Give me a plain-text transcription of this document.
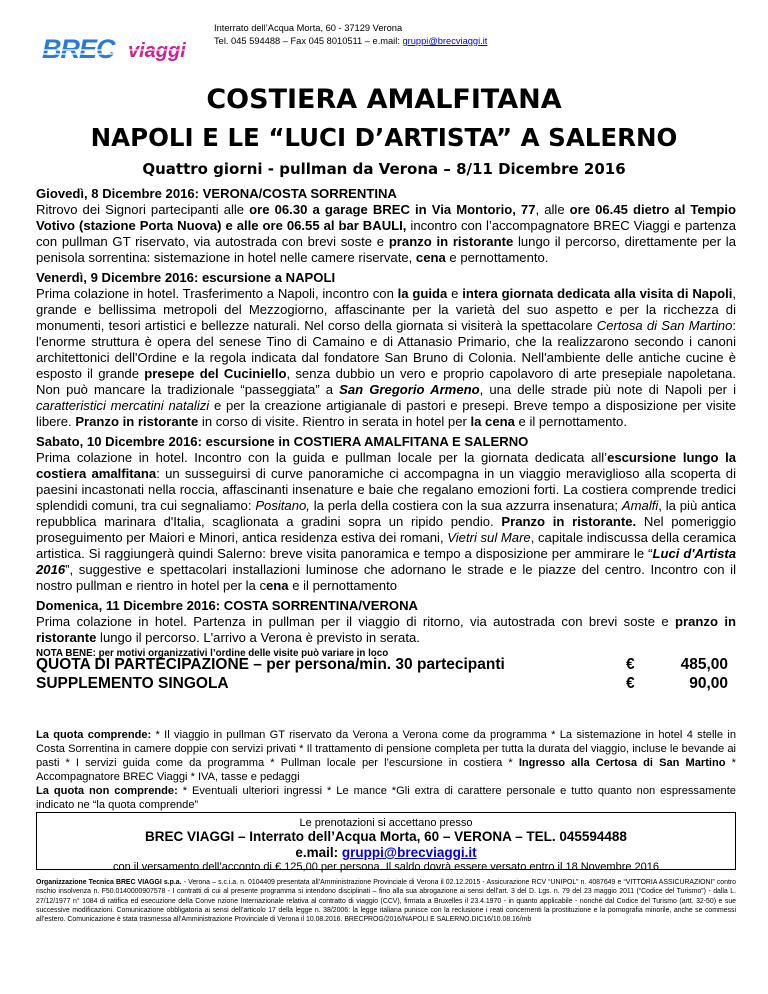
BREC viaggi
Interrato dell’Acqua Morta, 60 - 37129 Verona
Tel. 045 594488 – Fax 045 8010511 – e.mail: gruppi@brecviaggi.it
COSTIERA AMALFITANA
NAPOLI E LE “LUCI D’ARTISTA” A SALERNO
Quattro giorni - pullman da Verona – 8/11 Dicembre 2016

Giovedì, 8 Dicembre 2016: VERONA/COSTA SORRENTINA

Ritrovo dei Signori partecipanti alle ore 06.30 a garage BREC in Via Montorio, 77, alle ore 06.45 dietro al Tempio Votivo (stazione Porta Nuova) e alle ore 06.55 al bar BAULI, incontro con l’accompagnatore BREC Viaggi e partenza con pullman GT riservato, via autostrada con brevi soste e pranzo in ristorante lungo il percorso, direttamente per la penisola sorrentina: sistemazione in hotel nelle camere riservate, cena e pernottamento.

Venerdì, 9 Dicembre 2016: escursione a NAPOLI

Prima colazione in hotel. Trasferimento a Napoli, incontro con la guida e intera giornata dedicata alla visita di Napoli, grande e bellissima metropoli del Mezzogiorno, affascinante per la varietà del suo aspetto e per la ricchezza di monumenti, tesori artistici e bellezze naturali. Nel corso della giornata si visiterà la spettacolare Certosa di San Martino: l'enorme struttura è opera del senese Tino di Camaino e di Attanasio Primario, che la realizzarono secondo i canoni architettonici dell'Ordine e la regola indicata dal fondatore San Bruno di Colonia. Nell'ambiente delle antiche cucine è esposto il grande presepe del Cuciniello, senza dubbio un vero e proprio capolavoro di arte presepiale napoletana. Non può mancare la tradizionale “passeggiata” a San Gregorio Armeno, una delle strade più note di Napoli per i caratteristici mercatini natalizi e per la creazione artigianale di pastori e presepi. Breve tempo a disposizione per visite libere. Pranzo in ristorante in corso di visite. Rientro in serata in hotel per la cena e il pernottamento.

Sabato, 10 Dicembre 2016: escursione in COSTIERA AMALFITANA E SALERNO

Prima colazione in hotel. Incontro con la guida e pullman locale per la giornata dedicata all’escursione lungo la costiera amalfitana: un susseguirsi di curve panoramiche ci accompagna in un viaggio meraviglioso alla scoperta di paesini incastonati nella roccia, affascinanti insenature e baie che regalano emozioni forti. La costiera comprende tredici splendidi comuni, tra cui segnaliamo: Positano, la perla della costiera con la sua azzurra insenatura; Amalfi, la più antica repubblica marinara d'Italia, scaglionata a gradini sopra un ripido pendio. Pranzo in ristorante. Nel pomeriggio proseguimento per Maiori e Minori, antica residenza estiva dei romani, Vietri sul Mare, capitale indiscussa della ceramica artistica. Si raggiungerà quindi Salerno: breve visita panoramica e tempo a disposizione per ammirare le “Luci d'Artista 2016”, suggestive e spettacolari installazioni luminose che adornano le strade e le piazze del centro. Incontro con il nostro pullman e rientro in hotel per la cena e il pernottamento

Domenica, 11 Dicembre 2016: COSTA SORRENTINA/VERONA

Prima colazione in hotel. Partenza in pullman per il viaggio di ritorno, via autostrada con brevi soste e pranzo in ristorante lungo il percorso. L'arrivo a Verona è previsto in serata.

NOTA BENE: per motivi organizzativi l’ordine delle visite può variare in loco

QUOTA DI PARTECIPAZIONE – per persona/min. 30 partecipanti	€	485,00
SUPPLEMENTO SINGOLA	€	90,00

La quota comprende: * Il viaggio in pullman GT riservato da Verona a Verona come da programma * La sistemazione in hotel 4 stelle in Costa Sorrentina in camere doppie con servizi privati * Il trattamento di pensione completa per tutta la durata del viaggio, incluse le bevande ai pasti * I servizi guida come da programma * Pullman locale per l’escursione in costiera * Ingresso alla Certosa di San Martino * Accompagnatore BREC Viaggi * IVA, tasse e pedaggi

La quota non comprende: * Eventuali ulteriori ingressi * Le mance *Gli extra di carattere personale e tutto quanto non espressamente indicato ne “la quota comprende”

Le prenotazioni si accettano presso
BREC VIAGGI – Interrato dell’Acqua Morta, 60 – VERONA – TEL. 045594488
e.mail: gruppi@brecviaggi.it
con il versamento dell’acconto di € 125,00 per persona. Il saldo dovrà essere versato entro il 18 Novembre 2016
Organizzazione Tecnica BREC VIAGGI s.p.a. - Verona – s.c.i.a. n. 0104409 presentata all’Amministrazione Provinciale di Verona il 02.12.2015 - Assicurazione RCV “UNIPOL” n. 4087649 e “VITTORIA ASSICURAZIONI” contro rischio insolvenza n. F50.0140000907578 - I contratti di cui al presente programma si intendono disciplinati – fino alla sua abrogazione ai sensi dell’art. 3 del D. Lgs. n. 79 del 23 maggio 2011 (“Codice del Turismo”) - dalla L. 27/12/1977 n° 1084 di ratifica ed esecuzione della Conve nzione Internazionale relativa al contratto di viaggio (CCV), firmata a Bruxelles il 23.4.1970 - in quanto applicabile - nonché dal Codice del Turismo (artt. 32-50) e sue successive modificazioni. Comunicazione obbligatoria ai sensi dell’articolo 17 della legge n. 38/2006: la legge italiana punisce con la reclusione i reati concernenti la prostituzione e la pornografia minorile, anche se commessi all’estero. Comunicazione è stata trasmessa all’Amministrazione Provinciale di Verona il 10.08.2016. BRECPROG/2016/NAPOLI E SALERNO.DIC16/10.08.16/mb
